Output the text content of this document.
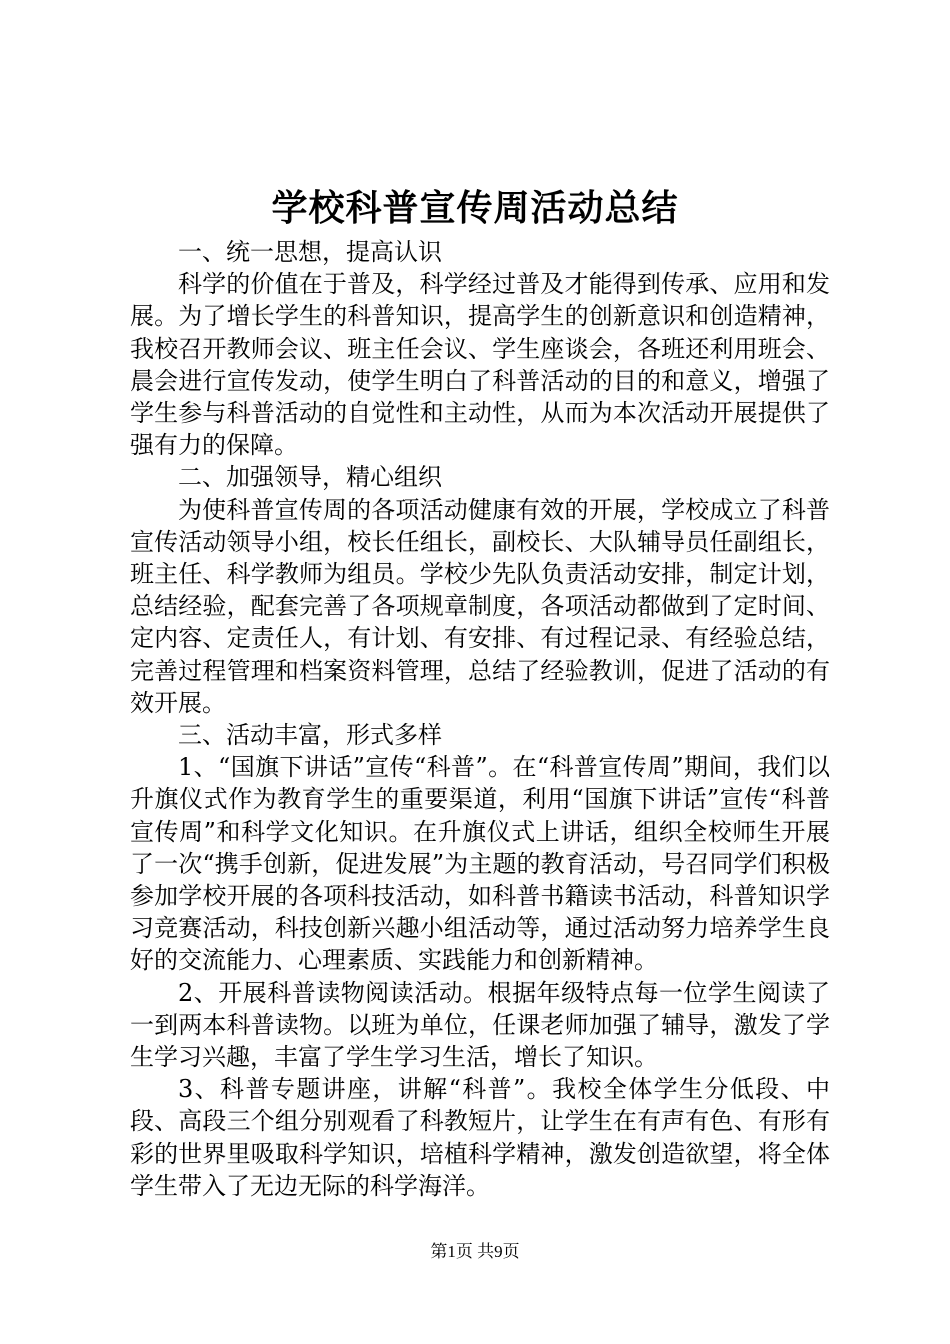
学校科普宣传周活动总结

一、统一思想，提高认识

科学的价值在于普及，科学经过普及才能得到传承、应用和发展。为了增长学生的科普知识，提高学生的创新意识和创造精神，我校召开教师会议、班主任会议、学生座谈会，各班还利用班会、晨会进行宣传发动，使学生明白了科普活动的目的和意义，增强了学生参与科普活动的自觉性和主动性，从而为本次活动开展提供了强有力的保障。

二、加强领导，精心组织

为使科普宣传周的各项活动健康有效的开展，学校成立了科普宣传活动领导小组，校长任组长，副校长、大队辅导员任副组长，班主任、科学教师为组员。学校少先队负责活动安排，制定计划，总结经验，配套完善了各项规章制度，各项活动都做到了定时间、定内容、定责任人，有计划、有安排、有过程记录、有经验总结，完善过程管理和档案资料管理，总结了经验教训，促进了活动的有效开展。

三、活动丰富，形式多样

1、“国旗下讲话”宣传“科普”。在“科普宣传周”期间，我们以升旗仪式作为教育学生的重要渠道，利用“国旗下讲话”宣传“科普宣传周”和科学文化知识。在升旗仪式上讲话，组织全校师生开展了一次“携手创新，促进发展”为主题的教育活动，号召同学们积极参加学校开展的各项科技活动，如科普书籍读书活动，科普知识学习竞赛活动，科技创新兴趣小组活动等，通过活动努力培养学生良好的交流能力、心理素质、实践能力和创新精神。

2、开展科普读物阅读活动。根据年级特点每一位学生阅读了一到两本科普读物。以班为单位，任课老师加强了辅导，激发了学生学习兴趣，丰富了学生学习生活，增长了知识。

3、科普专题讲座，讲解“科普”。我校全体学生分低段、中段、高段三个组分别观看了科教短片，让学生在有声有色、有形有彩的世界里吸取科学知识，培植科学精神，激发创造欲望，将全体学生带入了无边无际的科学海洋。

第1页 共9页
